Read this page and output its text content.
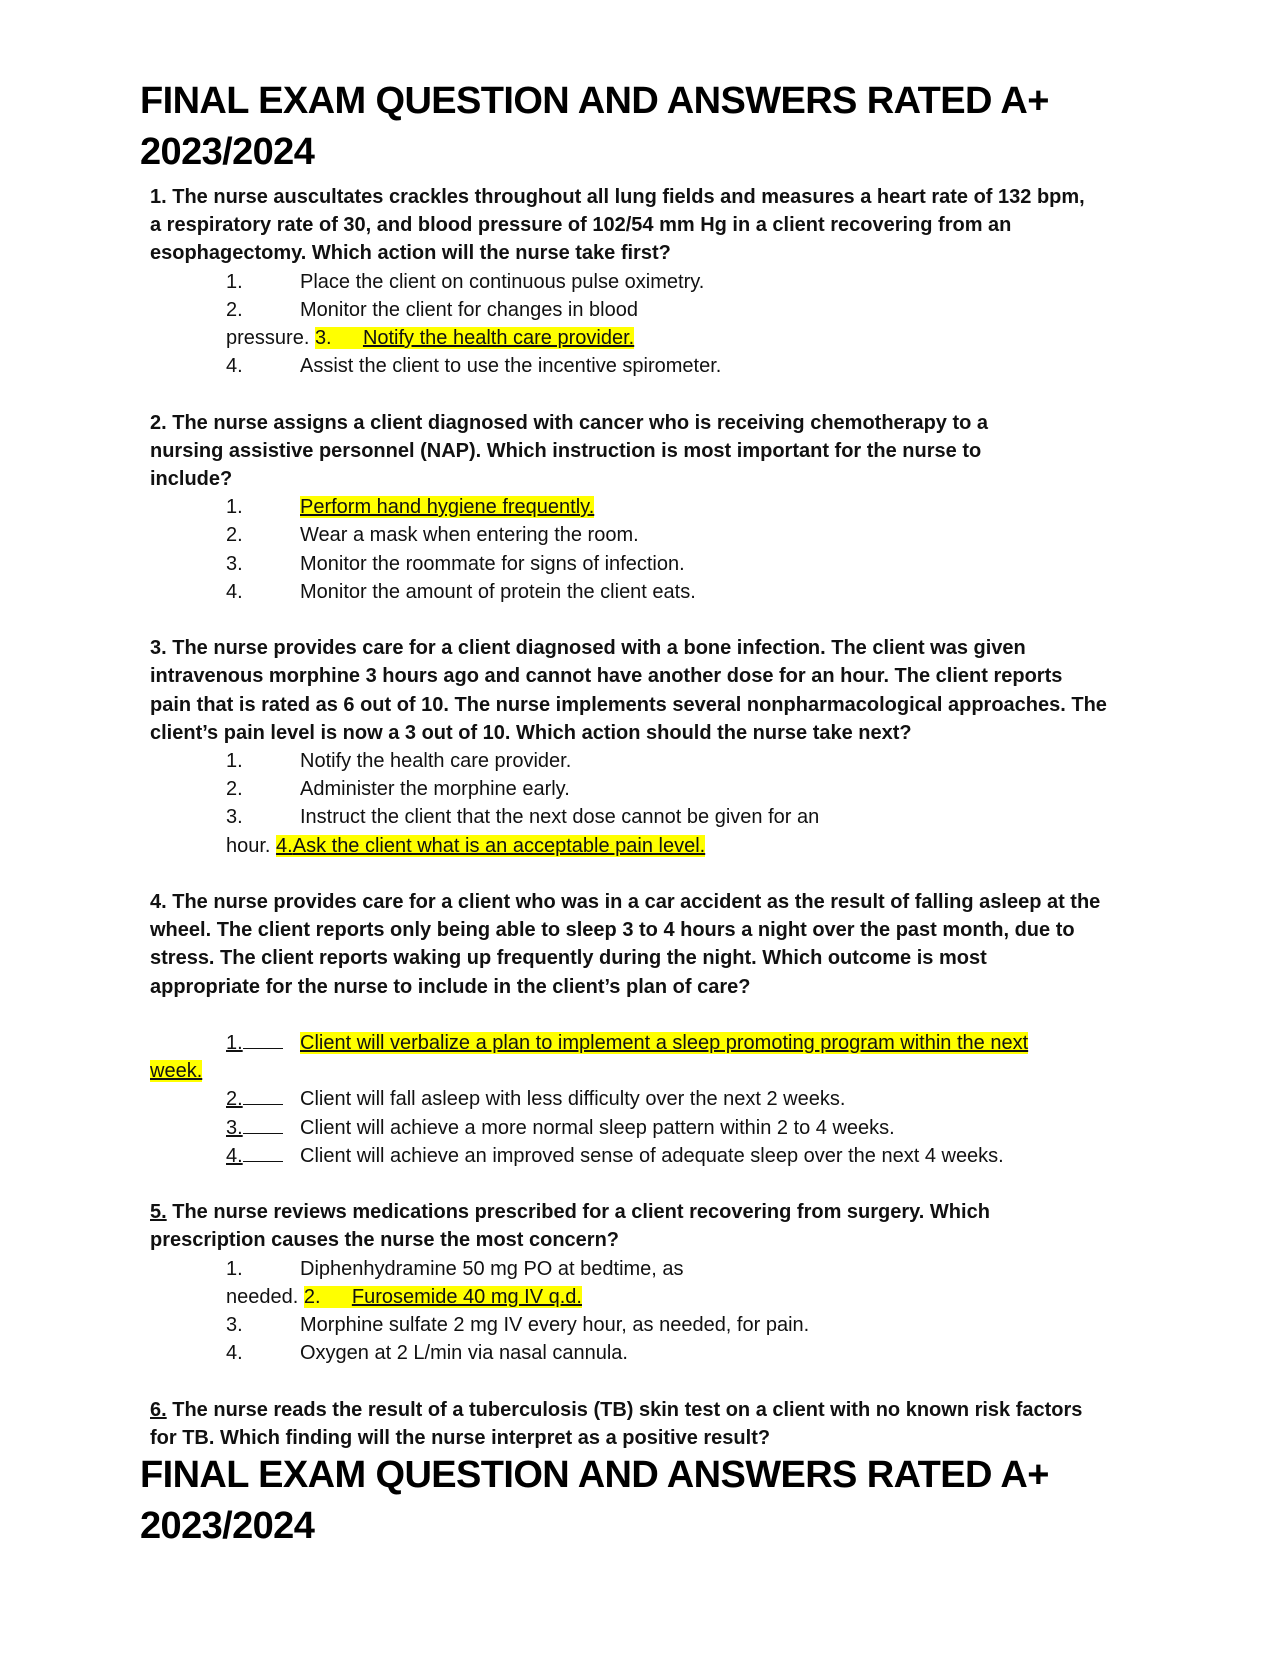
FINAL EXAM QUESTION AND ANSWERS RATED A+
2023/2024
1. The nurse auscultates crackles throughout all lung fields and measures a heart rate of 132 bpm,
a respiratory rate of 30, and blood pressure of 102/54 mm Hg in a client recovering from an
esophagectomy. Which action will the nurse take first?
1.	Place the client on continuous pulse oximetry.
2.	Monitor the client for changes in blood
pressure. 3. Notify the health care provider.
4.	Assist the client to use the incentive spirometer.
2. The nurse assigns a client diagnosed with cancer who is receiving chemotherapy to a
nursing assistive personnel (NAP). Which instruction is most important for the nurse to
include?
1.	Perform hand hygiene frequently.
2.	Wear a mask when entering the room.
3.	Monitor the roommate for signs of infection.
4.	Monitor the amount of protein the client eats.
3. The nurse provides care for a client diagnosed with a bone infection. The client was given
intravenous morphine 3 hours ago and cannot have another dose for an hour. The client reports
pain that is rated as 6 out of 10. The nurse implements several nonpharmacological approaches. The
client’s pain level is now a 3 out of 10. Which action should the nurse take next?
1.	Notify the health care provider.
2.	Administer the morphine early.
3.	Instruct the client that the next dose cannot be given for an
hour. 4.Ask the client what is an acceptable pain level.
4. The nurse provides care for a client who was in a car accident as the result of falling asleep at the
wheel. The client reports only being able to sleep 3 to 4 hours a night over the past month, due to
stress. The client reports waking up frequently during the night. Which outcome is most
appropriate for the nurse to include in the client’s plan of care?
1.	Client will verbalize a plan to implement a sleep promoting program within the next
week.
2.	Client will fall asleep with less difficulty over the next 2 weeks.
3.	Client will achieve a more normal sleep pattern within 2 to 4 weeks.
4.	Client will achieve an improved sense of adequate sleep over the next 4 weeks.
5. The nurse reviews medications prescribed for a client recovering from surgery. Which
prescription causes the nurse the most concern?
1.	Diphenhydramine 50 mg PO at bedtime, as
needed. 2. Furosemide 40 mg IV q.d.
3.	Morphine sulfate 2 mg IV every hour, as needed, for pain.
4.	Oxygen at 2 L/min via nasal cannula.
6. The nurse reads the result of a tuberculosis (TB) skin test on a client with no known risk factors
for TB. Which finding will the nurse interpret as a positive result?
FINAL EXAM QUESTION AND ANSWERS RATED A+
2023/2024
